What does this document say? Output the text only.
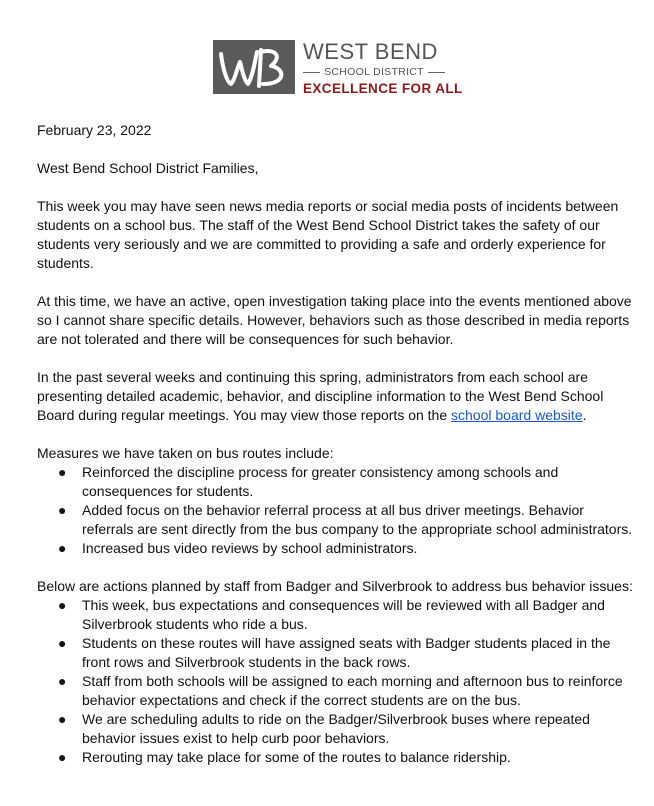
WEST BEND
SCHOOL DISTRICT
EXCELLENCE FOR ALL

February 23, 2022

West Bend School District Families,

This week you may have seen news media reports or social media posts of incidents between students on a school bus. The staff of the West Bend School District takes the safety of our students very seriously and we are committed to providing a safe and orderly experience for students.

At this time, we have an active, open investigation taking place into the events mentioned above so I cannot share specific details. However, behaviors such as those described in media reports are not tolerated and there will be consequences for such behavior.

In the past several weeks and continuing this spring, administrators from each school are presenting detailed academic, behavior, and discipline information to the West Bend School Board during regular meetings. You may view those reports on the school board website.

Measures we have taken on bus routes include:
● Reinforced the discipline process for greater consistency among schools and consequences for students.
● Added focus on the behavior referral process at all bus driver meetings. Behavior referrals are sent directly from the bus company to the appropriate school administrators.
● Increased bus video reviews by school administrators.
Below are actions planned by staff from Badger and Silverbrook to address bus behavior issues:
● This week, bus expectations and consequences will be reviewed with all Badger and Silverbrook students who ride a bus.
● Students on these routes will have assigned seats with Badger students placed in the front rows and Silverbrook students in the back rows.
● Staff from both schools will be assigned to each morning and afternoon bus to reinforce behavior expectations and check if the correct students are on the bus.
● We are scheduling adults to ride on the Badger/Silverbrook buses where repeated behavior issues exist to help curb poor behaviors.
● Rerouting may take place for some of the routes to balance ridership.
